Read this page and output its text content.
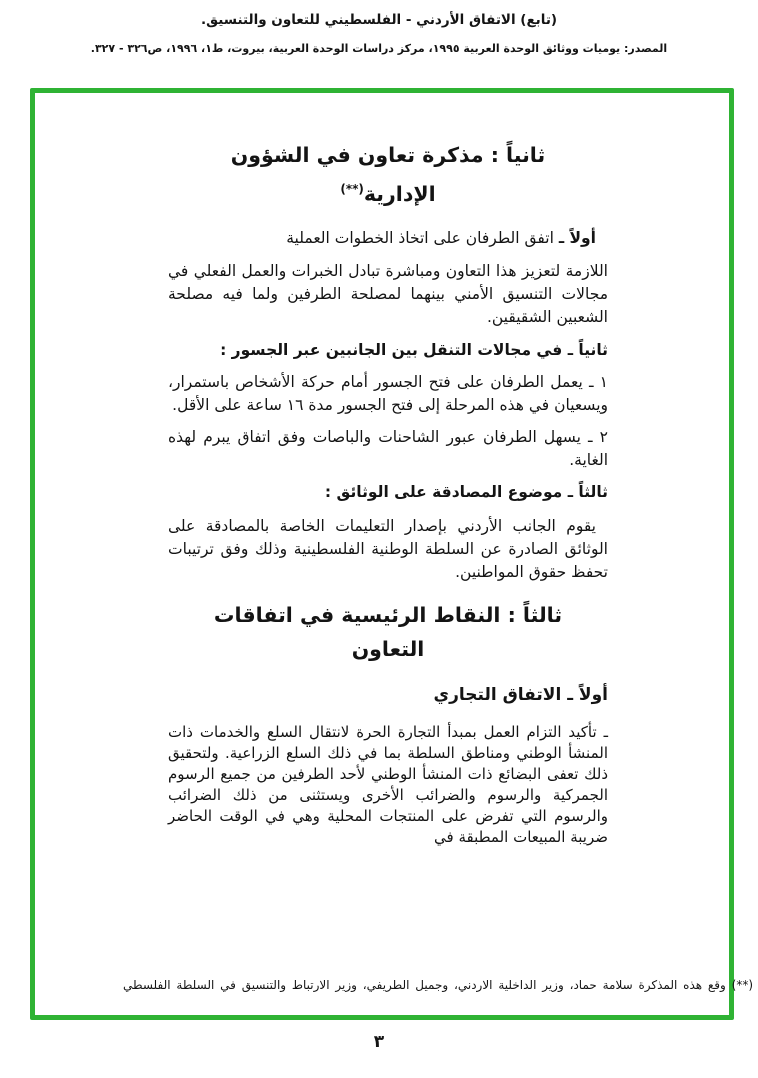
(تابع) الاتفاق الأردني - الفلسطيني للتعاون والتنسيق.
المصدر: يوميات ووثائق الوحدة العربية ١٩٩٥، مركز دراسات الوحدة العربية، بيروت، ط١، ١٩٩٦، ص٣٢٦ - ٣٢٧.
ثانياً : مذكرة تعاون في الشؤون
الإدارية(**)
أولاً ـ اتفق الطرفان على اتخاذ الخطوات العملية
اللازمة لتعزيز هذا التعاون ومباشرة تبادل الخبرات والعمل الفعلي في مجالات التنسيق الأمني بينهما لمصلحة الطرفين ولما فيه مصلحة الشعبين الشقيقين.
ثانياً ـ في مجالات التنقل بين الجانبين عبر الجسور :
١ ـ يعمل الطرفان على فتح الجسور أمام حركة الأشخاص باستمرار، ويسعيان في هذه المرحلة إلى فتح الجسور مدة ١٦ ساعة على الأقل.
٢ ـ يسهل الطرفان عبور الشاحنات والباصات وفق اتفاق يبرم لهذه الغاية.
ثالثاً ـ موضوع المصادقة على الوثائق :
يقوم الجانب الأردني بإصدار التعليمات الخاصة بالمصادقة على الوثائق الصادرة عن السلطة الوطنية الفلسطينية وذلك وفق ترتيبات تحفظ حقوق المواطنين.
ثالثاً : النقاط الرئيسية في اتفاقات
التعاون
أولاً ـ الاتفاق التجاري
ـ تأكيد التزام العمل بمبدأ التجارة الحرة لانتقال السلع والخدمات ذات المنشأ الوطني ومناطق السلطة بما في ذلك السلع الزراعية. ولتحقيق ذلك تعفى البضائع ذات المنشأ الوطني لأحد الطرفين من جميع الرسوم الجمركية والرسوم والضرائب الأخرى ويستثنى من ذلك الضرائب والرسوم التي تفرض على المنتجات المحلية وهي في الوقت الحاضر ضريبة المبيعات المطبقة في
(**) وقع هذه المذكرة سلامة حماد، وزير الداخلية الاردني، وجميل الطريفي، وزير الارتباط والتنسيق في السلطة الفلسطي
٣
